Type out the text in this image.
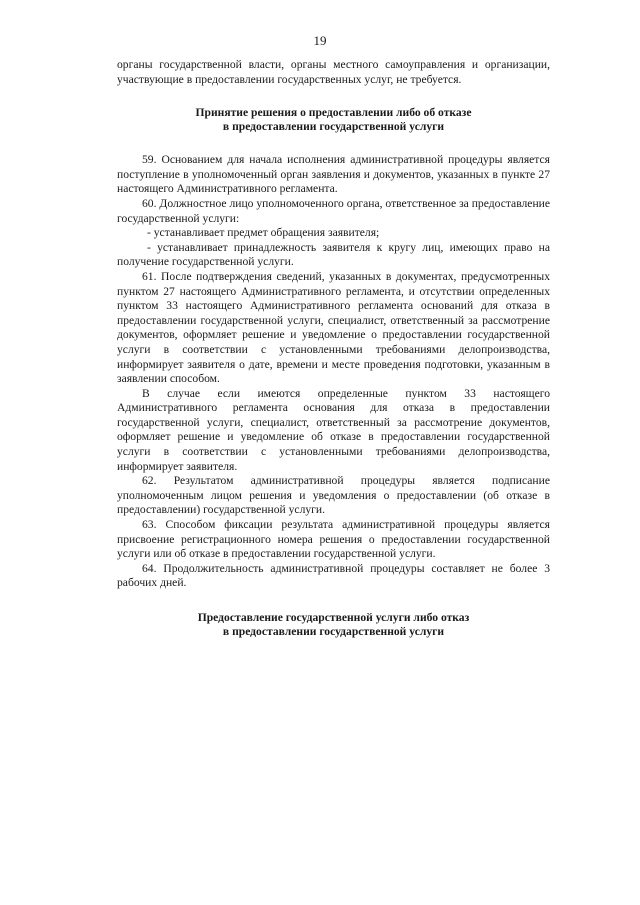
19

органы государственной власти, органы местного самоуправления и организации, участвующие в предоставлении государственных услуг, не требуется.

Принятие решения о предоставлении либо об отказе
в предоставлении государственной услуги

59. Основанием для начала исполнения административной процедуры является поступление в уполномоченный орган заявления и документов, указанных в пункте 27 настоящего Административного регламента.

60. Должностное лицо уполномоченного органа, ответственное за предоставление государственной услуги:

- устанавливает предмет обращения заявителя;

- устанавливает принадлежность заявителя к кругу лиц, имеющих право на получение государственной услуги.

61. После подтверждения сведений, указанных в документах, предусмотренных пунктом 27 настоящего Административного регламента, и отсутствии определенных пунктом 33 настоящего Административного регламента оснований для отказа в предоставлении государственной услуги, специалист, ответственный за рассмотрение документов, оформляет решение и уведомление о предоставлении государственной услуги в соответствии с установленными требованиями делопроизводства, информирует заявителя о дате, времени и месте проведения подготовки, указанным в заявлении способом.

В случае если имеются определенные пунктом 33 настоящего Административного регламента основания для отказа в предоставлении государственной услуги, специалист, ответственный за рассмотрение документов, оформляет решение и уведомление об отказе в предоставлении государственной услуги в соответствии с установленными требованиями делопроизводства, информирует заявителя.

62. Результатом административной процедуры является подписание уполномоченным лицом решения и уведомления о предоставлении (об отказе в предоставлении) государственной услуги.

63. Способом фиксации результата административной процедуры является присвоение регистрационного номера решения о предоставлении государственной услуги или об отказе в предоставлении государственной услуги.

64. Продолжительность административной процедуры составляет не более 3 рабочих дней.

Предоставление государственной услуги либо отказ
в предоставлении государственной услуги
